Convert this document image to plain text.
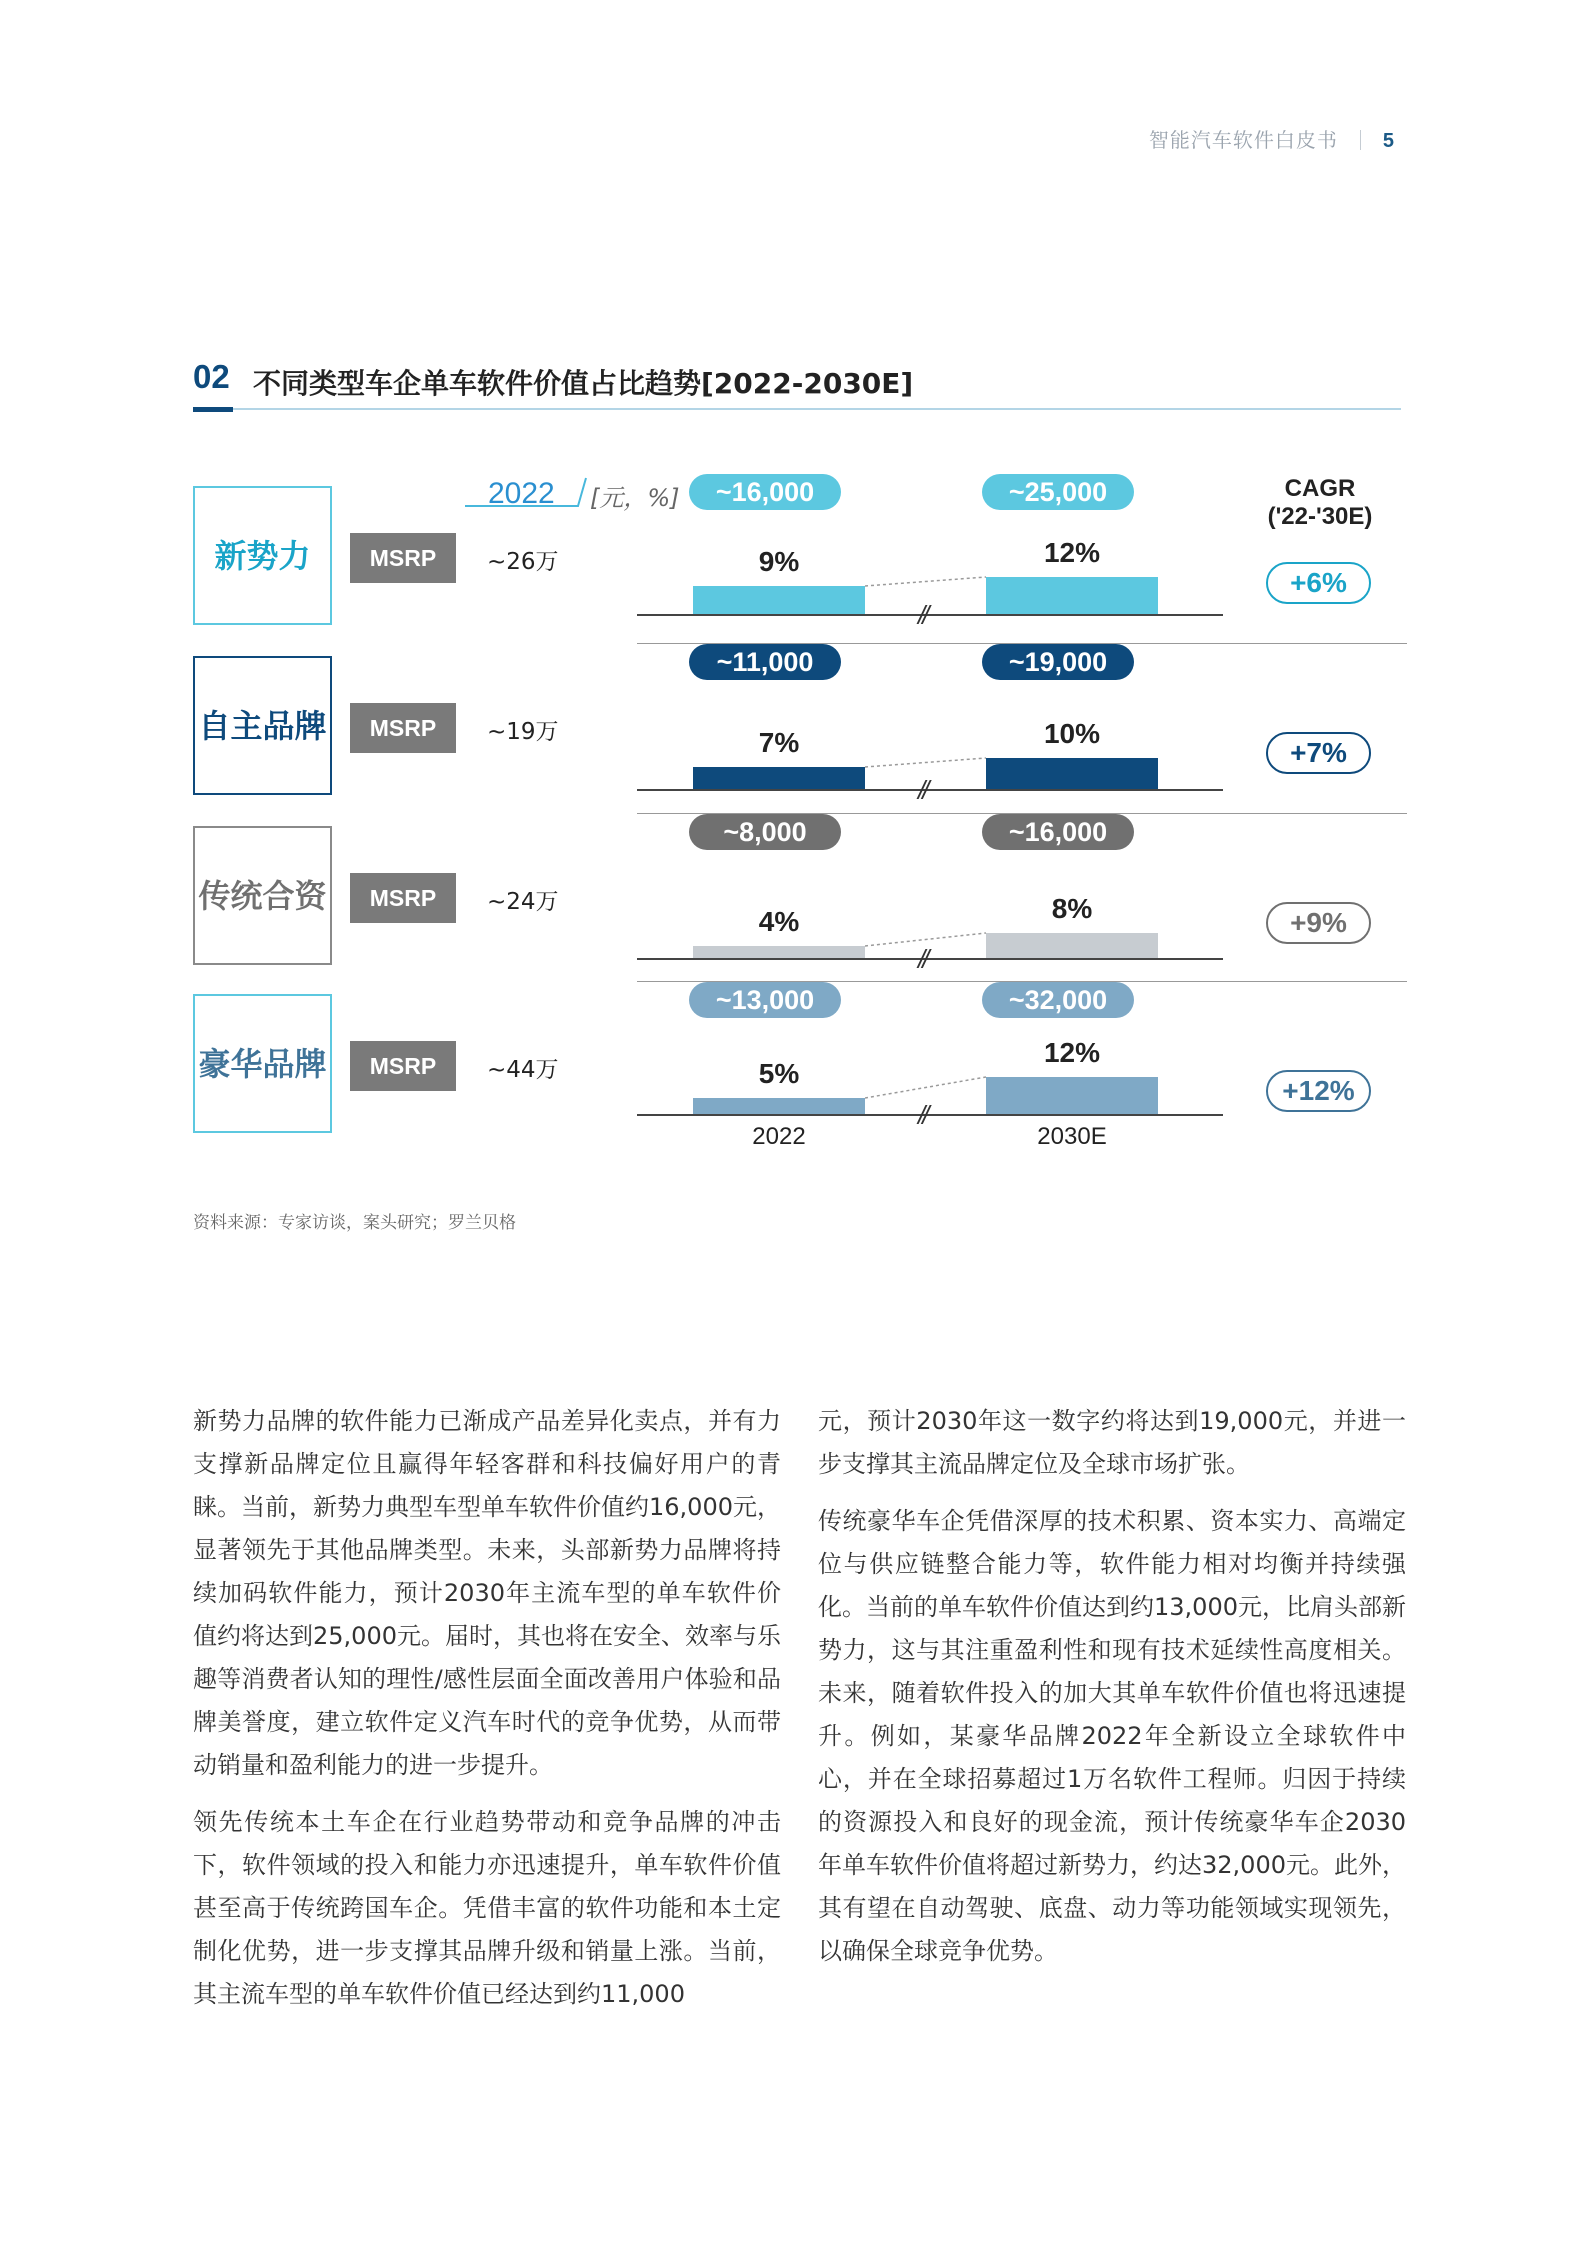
智能汽车软件白皮书 5
02 不同类型车企单车软件价值占比趋势[2022-2030E]
2022 [元，%]	CAGR
('22-'30E)
新势力	MSRP	~26万
~16,000	~25,000
9%	12%
//
+6%
自主 品牌	MSRP	~19万
~11,000	~19,000
7%	10%
//
+7%
传统 合资	MSRP	~24万
~8,000	~16,000
4%	8%
//
+9%
豪华 品牌	MSRP	~44万
~13,000	~32,000
5%
12%
//
+12%
2022	2030E
资料来源：专家访谈，案头研究；罗兰贝格

新势力品牌的软件能力已渐成产品差异化卖点，并有力支撑新品牌定位且赢得年轻客群和科技偏好用户的青睐。当前，新势力典型车型单车软件价值约16,000元，显著领先于其他品牌类型。未来，头部新势力品牌将持续加码软件能力，预计2030年主流车型的单车软件价值约将达到25,000元。届时，其也将在安全、效率与乐趣等消费者认知的理性/感性层面全面改善用户体验和品牌美誉度，建立软件定义汽车时代的竞争优势，从而带动销量和盈利能力的进一步提升。

领先传统本土车企在行业趋势带动和竞争品牌的冲击下，软件领域的投入和能力亦迅速提升，单车软件价值甚至高于传统跨国车企。凭借丰富的软件功能和本土定制化优势，进一步支撑其品牌升级和销量上涨。当前，其主流车型的单车软件价值已经达到约11,000

元，预计2030年这一数字约将达到19,000元，并进一步支撑其主流品牌定位及全球市场扩张。

传统豪华车企凭借深厚的技术积累、资本实力、高端定位与供应链整合能力等，软件能力相对均衡并持续强化。当前的单车软件价值达到约13,000元，比肩头部新势力，这与其注重盈利性和现有技术延续性高度相关。未来，随着软件投入的加大其单车软件价值也将迅速提升。例如，某豪华品牌2022年全新设立全球软件中心，并在全球招募超过1万名软件工程师。归因于持续的资源投入和良好的现金流，预计传统豪华车企2030年单车软件价值将超过新势力，约达32,000元。此外，其有望在自动驾驶、底盘、动力等功能领域实现领先，以确保全球竞争优势。
